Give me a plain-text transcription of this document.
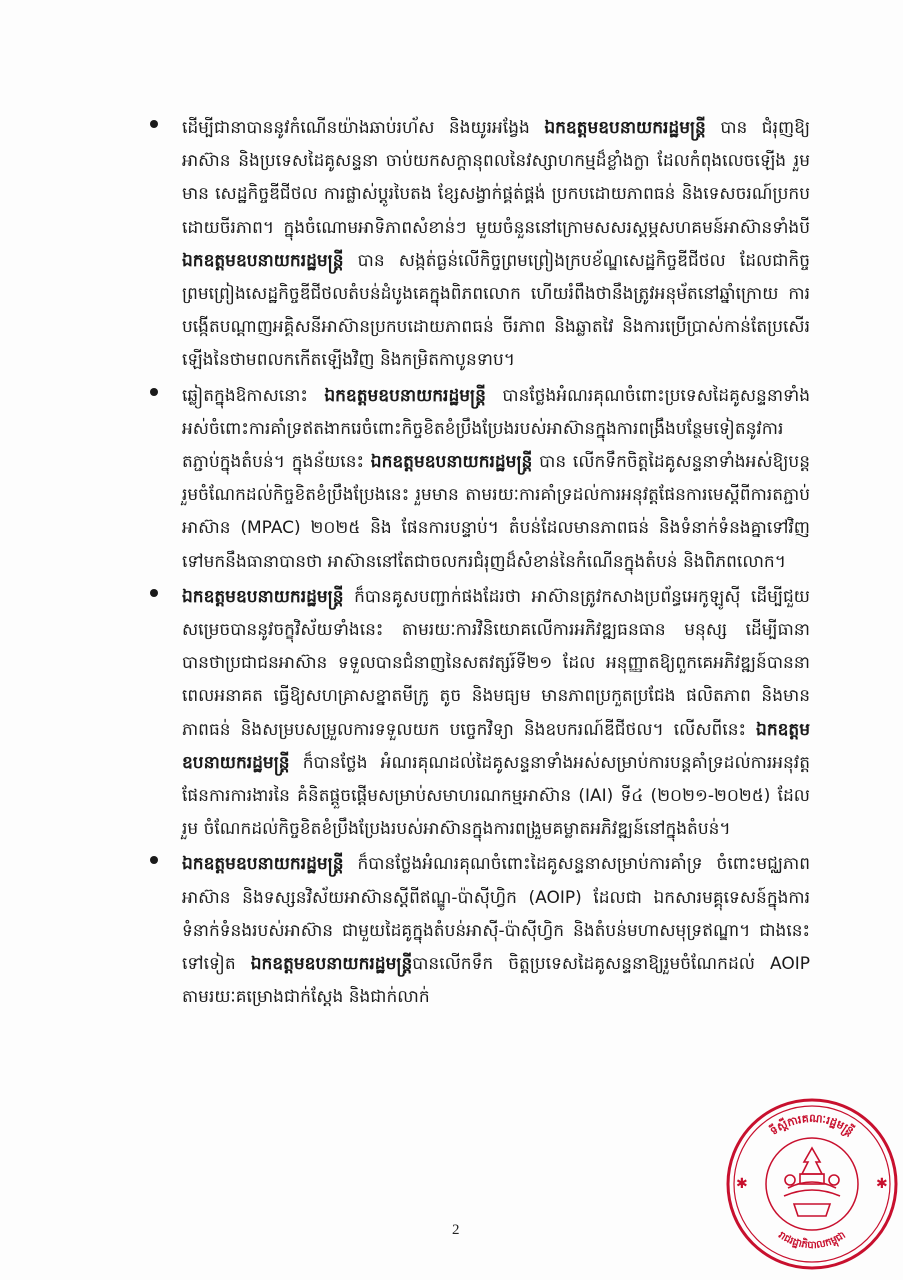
ដើម្បីជានាបាននូវកំណើនយ៉ាងឆាប់រហ័ស និងយូរអង្វែង ឯកឧត្តមឧបនាយករដ្ឋមន្ត្រី បាន ជំរុញឱ្យអាស៊ាន និងប្រទេសដៃគូសន្ទនា ចាប់យកសក្តានុពលនៃវស្សាហកម្មដ៏ខ្លាំងក្លា ដែលកំពុងលេចឡើង រួមមាន សេដ្ឋកិច្ចឌីជីថល ការផ្លាស់ប្តូរបៃតង ខ្សែសង្វាក់ផ្គត់ផ្គង់ ប្រកបដោយភាពធន់ និងទេសចរណ៍ប្រកបដោយចីរភាព។ ក្នុងចំណោមអាទិភាពសំខាន់ៗ មួយចំនួននៅក្រោមសសរស្តម្ភសហគមន៍អាស៊ានទាំងបី ឯកឧត្តមឧបនាយករដ្ឋមន្ត្រី បាន សង្កត់ធ្ងន់លើកិច្ចព្រមព្រៀងក្របខ័ណ្ឌសេដ្ឋកិច្ចឌីជីថល ដែលជាកិច្ចព្រមព្រៀងសេដ្ឋកិច្ចឌីជីថលតំបន់ដំបូងគេក្នុងពិភពលោក ហើយរំពឹងថានឹងត្រូវអនុម័តនៅឆ្នាំក្រោយ ការបង្កើតបណ្តាញអគ្គិសនីអាស៊ានប្រកបដោយភាពធន់ ចីរភាព និងឆ្លាតវៃ និងការប្រើប្រាស់កាន់តែប្រសើរឡើងនៃថាមពលកកើតឡើងវិញ និងកម្រិតកាបូនទាប។

ឆ្លៀតក្នុងឱកាសនោះ ឯកឧត្តមឧបនាយករដ្ឋមន្ត្រី បានថ្លែងអំណរគុណចំពោះប្រទេសដៃគូសន្ទនាទាំងអស់ចំពោះការគាំទ្រឥតងាករេចំពោះកិច្ចខិតខំប្រឹងប្រែងរបស់អាស៊ានក្នុងការពង្រឹងបន្ថែមទៀតនូវការតភ្ជាប់ក្នុងតំបន់។ ក្នុងន័យនេះ ឯកឧត្តមឧបនាយករដ្ឋមន្ត្រី បាន លើកទឹកចិត្តដៃគូសន្ទនាទាំងអស់ឱ្យបន្តរួមចំណែកដល់កិច្ចខិតខំប្រឹងប្រែងនេះ រួមមាន តាមរយៈការគាំទ្រដល់ការអនុវត្តផែនការមេស្តីពីការតភ្ជាប់អាស៊ាន (MPAC) ២០២៥ និង ផែនការបន្ទាប់។ តំបន់ដែលមានភាពធន់ និងទំនាក់ទំនងគ្នាទៅវិញទៅមកនឹងធានាបានថា អាស៊ាននៅតែជាចលករជំរុញដ៏សំខាន់នៃកំណើនក្នុងតំបន់ និងពិភពលោក។

ឯកឧត្តមឧបនាយករដ្ឋមន្ត្រី ក៏បានគូសបញ្ជាក់ផងដែរថា អាស៊ានត្រូវកសាងប្រព័ន្ធអេកូឡូស៊ី ដើម្បីជួយសម្រេចបាននូវចក្ខុវិស័យទាំងនេះ តាមរយៈការវិនិយោគលើការអភិវឌ្ឍធនធាន មនុស្ស ដើម្បីធានាបានថាប្រជាជនអាស៊ាន ទទួលបានជំនាញនៃសតវត្សរ៍ទី២១ ដែល អនុញ្ញាតឱ្យពួកគេអភិវឌ្ឍន៍បាននាពេលអនាគត ធ្វើឱ្យសហគ្រាសខ្នាតមីក្រូ តូច និងមធ្យម មានភាពប្រកួតប្រជែង ផលិតភាព និងមានភាពធន់ និងសម្របសម្រួលការទទួលយក បច្ចេកវិទ្យា និងឧបករណ៍ឌីជីថល។ លើសពីនេះ ឯកឧត្តមឧបនាយករដ្ឋមន្ត្រី ក៏បានថ្លែង អំណរគុណដល់ដៃគូសន្ទនាទាំងអស់សម្រាប់ការបន្តគាំទ្រដល់ការអនុវត្តផែនការការងារនៃ គំនិតផ្តួចផ្តើមសម្រាប់សមាហរណកម្មអាស៊ាន (IAI) ទី៤ (២០២១-២០២៥) ដែលរួម ចំណែកដល់កិច្ចខិតខំប្រឹងប្រែងរបស់អាស៊ានក្នុងការពង្រួមគម្លាតអភិវឌ្ឍន៍នៅក្នុងតំបន់។

ឯកឧត្តមឧបនាយករដ្ឋមន្ត្រី ក៏បានថ្លែងអំណរគុណចំពោះដៃគូសន្ទនាសម្រាប់ការគាំទ្រ ចំពោះមជ្ឈភាព អាស៊ាន និងទស្សនវិស័យអាស៊ានស្តីពីឥណ្ឌូ-ប៉ាស៊ីហ្វិក (AOIP) ដែលជា ឯកសារមគ្គុទេសន៍ក្នុងការទំនាក់ទំនងរបស់អាស៊ាន ជាមួយដៃគូក្នុងតំបន់អាស៊ី-ប៉ាស៊ីហ្វិក និងតំបន់មហាសមុទ្រឥណ្ឌា។ ជាងនេះទៅទៀត ឯកឧត្តមឧបនាយករដ្ឋមន្ត្រីបានលើកទឹក ចិត្តប្រទេសដៃគូសន្ទនាឱ្យរួមចំណែកដល់ AOIP តាមរយៈគម្រោងជាក់ស្តែង និងជាក់លាក់

2
ទីស្តីការគណៈរដ្ឋមន្ត្រី
រាជរដ្ឋាភិបាលកម្ពុជា
✱	✱
